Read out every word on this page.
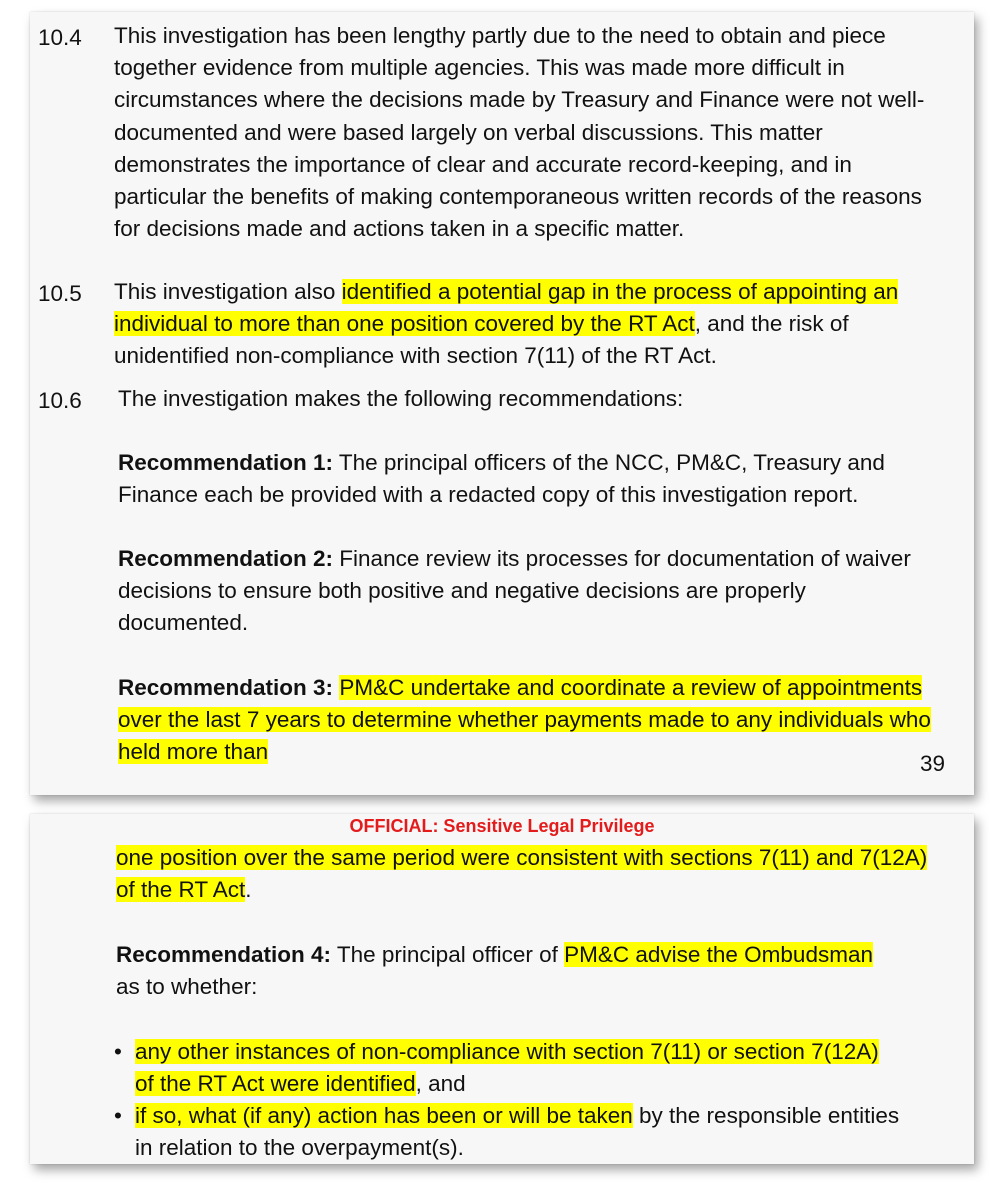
10.4 This investigation has been lengthy partly due to the need to obtain and piece together evidence from multiple agencies. This was made more difficult in circumstances where the decisions made by Treasury and Finance were not well-documented and were based largely on verbal discussions. This matter demonstrates the importance of clear and accurate record-keeping, and in particular the benefits of making contemporaneous written records of the reasons for decisions made and actions taken in a specific matter.
10.5 This investigation also identified a potential gap in the process of appointing an individual to more than one position covered by the RT Act, and the risk of unidentified non-compliance with section 7(11) of the RT Act.
10.6 The investigation makes the following recommendations:
Recommendation 1: The principal officers of the NCC, PM&C, Treasury and Finance each be provided with a redacted copy of this investigation report.
Recommendation 2: Finance review its processes for documentation of waiver decisions to ensure both positive and negative decisions are properly documented.
Recommendation 3: PM&C undertake and coordinate a review of appointments over the last 7 years to determine whether payments made to any individuals who held more than	39
OFFICIAL: Sensitive Legal Privilege
one position over the same period were consistent with sections 7(11) and 7(12A) of the RT Act.
Recommendation 4: The principal officer of PM&C advise the Ombudsman
as to whether:
• any other instances of non-compliance with section 7(11) or section 7(12A) of the RT Act were identified, and
• if so, what (if any) action has been or will be taken by the responsible entities in relation to the overpayment(s).
